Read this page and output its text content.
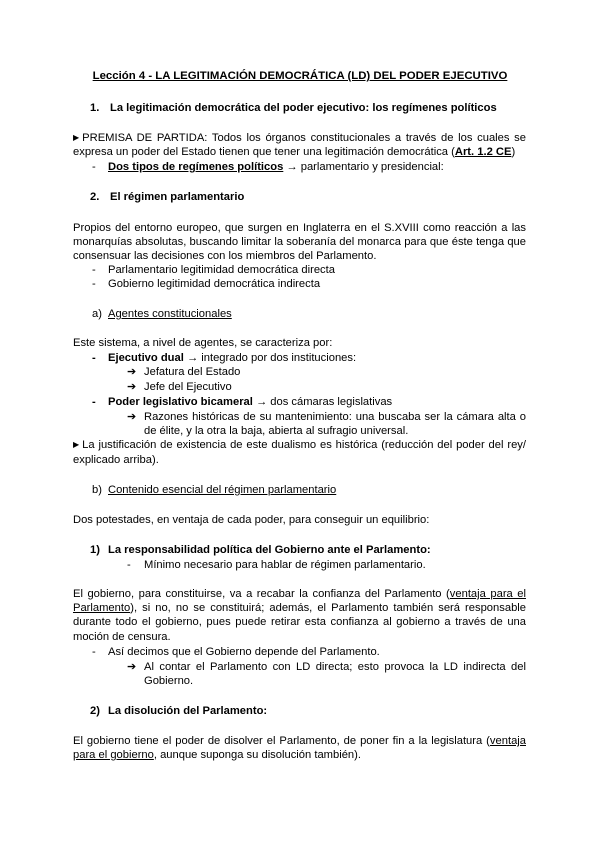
Lección 4 - LA LEGITIMACIÓN DEMOCRÁTICA (LD) DEL PODER EJECUTIVO
1. La legitimación democrática del poder ejecutivo: los regímenes políticos
▶ PREMISA DE PARTIDA: Todos los órganos constitucionales a través de los cuales se
expresa un poder del Estado tienen que tener una legitimación democrática (Art. 1.2 CE)
- Dos tipos de regímenes políticos → parlamentario y presidencial:
2. El régimen parlamentario
Propios del entorno europeo, que surgen en Inglaterra en el S.XVIII como reacción a las
monarquías absolutas, buscando limitar la soberanía del monarca para que éste tenga que
consensuar las decisiones con los miembros del Parlamento.
- Parlamentario legitimidad democrática directa
- Gobierno legitimidad democrática indirecta
a) Agentes constitucionales
Este sistema, a nivel de agentes, se caracteriza por:
- Ejecutivo dual → integrado por dos instituciones:
➔ Jefatura del Estado
➔ Jefe del Ejecutivo
- Poder legislativo bicameral → dos cámaras legislativas
➔ Razones históricas de su mantenimiento: una buscaba ser la cámara alta o
de élite, y la otra la baja, abierta al sufragio universal.
▶ La justificación de existencia de este dualismo es histórica (reducción del poder del rey/
explicado arriba).
b) Contenido esencial del régimen parlamentario
Dos potestades, en ventaja de cada poder, para conseguir un equilibrio:
1) La responsabilidad política del Gobierno ante el Parlamento:
- Mínimo necesario para hablar de régimen parlamentario.
El gobierno, para constituirse, va a recabar la confianza del Parlamento (ventaja para el
Parlamento), si no, no se constituirá; además, el Parlamento también será responsable
durante todo el gobierno, pues puede retirar esta confianza al gobierno a través de una
moción de censura.
- Así decimos que el Gobierno depende del Parlamento.
➔ Al contar el Parlamento con LD directa; esto provoca la LD indirecta del
Gobierno.
2) La disolución del Parlamento:
El gobierno tiene el poder de disolver el Parlamento, de poner fin a la legislatura (ventaja
para el gobierno, aunque suponga su disolución también).
